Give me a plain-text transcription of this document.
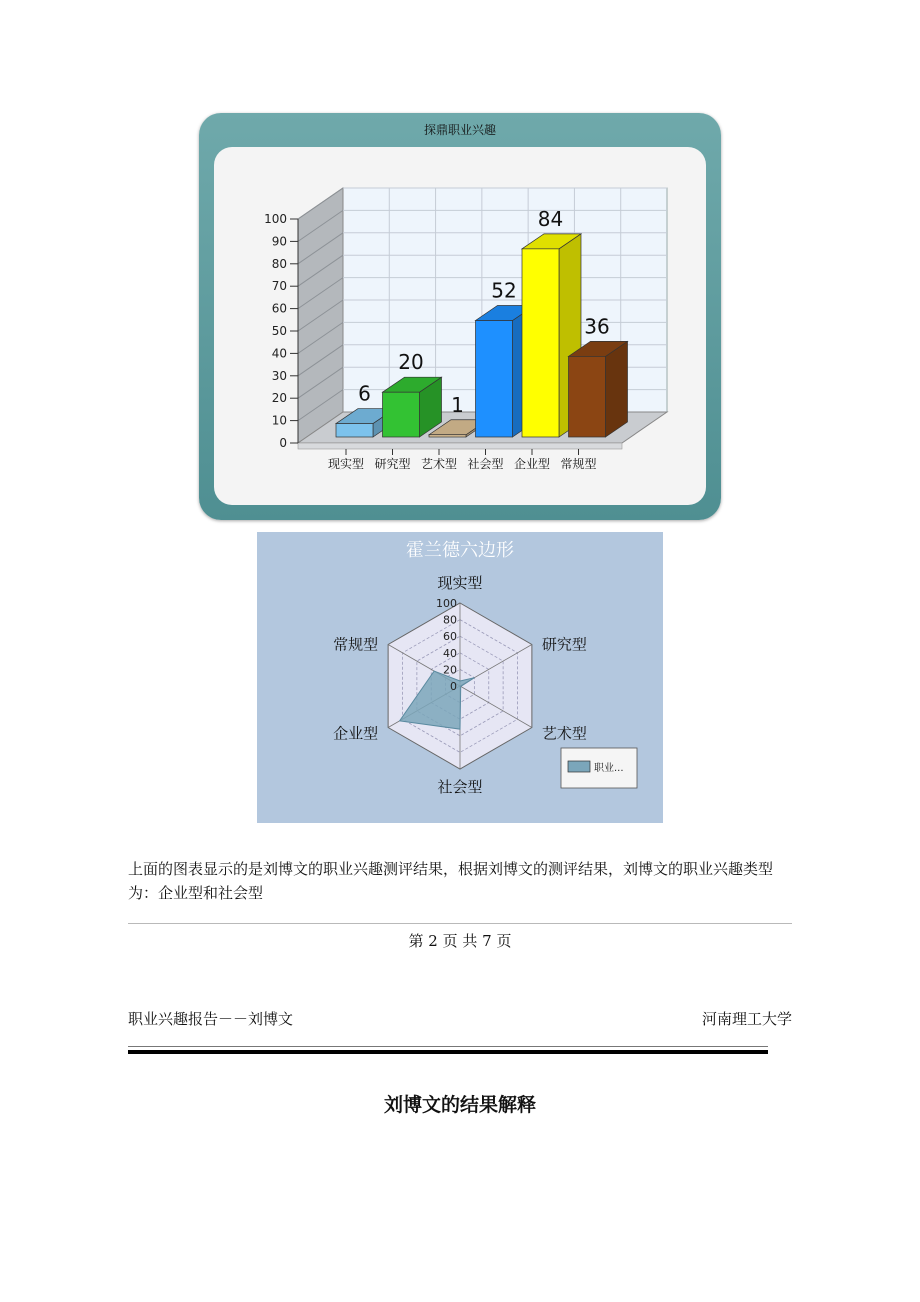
探鼎职业兴趣
0
10
20
30
40
50
60
70
80
90
100
6
现实型
20
研究型
1
艺术型
52
社会型
84
企业型
36
常规型
霍兰德六边形
0
20
40
60
80
100
现实型
研究型
艺术型
社会型
企业型
常规型
职业...
上面的图表显示的是刘博文的职业兴趣测评结果，根据刘博文的测评结果，刘博文的职业兴趣类型为：企业型和社会型
第 2 页 共 7 页
职业兴趣报告－－刘博文	河南理工大学
刘博文的结果解释
